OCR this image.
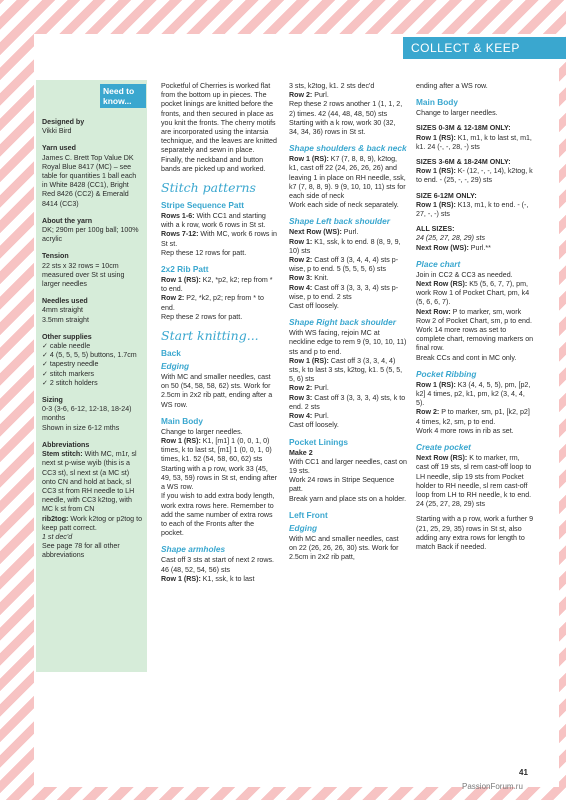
COLLECT & KEEP
Need to know...
Designed by
Vikki Bird
Yarn used
James C. Brett Top Value DK Royal Blue 8417 (MC) – see table for quantities 1 ball each in White 8428 (CC1), Bright Red 8426 (CC2) & Emerald 8414 (CC3)
About the yarn
DK; 290m per 100g ball; 100% acrylic
Tension
22 sts x 32 rows = 10cm measured over St st using larger needles
Needles used
4mm straight
3.5mm straight
Other supplies
✓ cable needle
✓ 4 (5, 5, 5, 5) buttons, 1.7cm
✓ tapestry needle
✓ stitch markers
✓ 2 stitch holders
Sizing
0-3 (3-6, 6-12, 12-18, 18-24) months
Shown in size 6-12 mths
Abbreviations
Stem stitch: With MC, m1r, sl next st p-wise wyib (this is a CC3 st), sl next st (a MC st) onto CN and hold at back, sl CC3 st from RH needle to LH needle, with CC3 k2tog, with MC k st from CN
rib2tog: Work k2tog or p2tog to keep patt correct.
1 st dec'd
See page 78 for all other abbreviations

Pocketful of Cherries is worked flat from the bottom up in pieces. The pocket linings are knitted before the fronts, and then secured in place as you knit the fronts. The cherry motifs are incorporated using the intarsia technique, and the leaves are knitted separately and sewn in place. Finally, the neckband and button bands are picked up and worked.

Stitch patterns
Stripe Sequence Patt

Rows 1-6: With CC1 and starting with a k row, work 6 rows in St st.

Rows 7-12: With MC, work 6 rows in St st.

Rep these 12 rows for patt.

2x2 Rib Patt

Row 1 (RS): K2, *p2, k2; rep from * to end.

Row 2: P2, *k2, p2; rep from * to end.

Rep these 2 rows for patt.

Start knitting...
Back
Edging

With MC and smaller needles, cast on 50 (54, 58, 58, 62) sts. Work for 2.5cm in 2x2 rib patt, ending after a WS row.

Main Body

Change to larger needles.

Row 1 (RS): K1, [m1] 1 (0, 0, 1, 0) times, k to last st, [m1] 1 (0, 0, 1, 0) times, k1. 52 (54, 58, 60, 62) sts

Starting with a p row, work 33 (45, 49, 53, 59) rows in St st, ending after a WS row.

If you wish to add extra body length, work extra rows here. Remember to add the same number of extra rows to each of the Fronts after the pocket.

Shape armholes

Cast off 3 sts at start of next 2 rows. 46 (48, 52, 54, 56) sts

Row 1 (RS): K1, ssk, k to last

3 sts, k2tog, k1. 2 sts dec'd

Row 2: Purl.

Rep these 2 rows another 1 (1, 1, 2, 2) times. 42 (44, 48, 48, 50) sts

Starting with a k row, work 30 (32, 34, 34, 36) rows in St st.

Shape shoulders & back neck

Row 1 (RS): K7 (7, 8, 8, 9), k2tog, k1, cast off 22 (24, 26, 26, 26) and leaving 1 in place on RH needle, ssk, k7 (7, 8, 8, 9). 9 (9, 10, 10, 11) sts for each side of neck

Work each side of neck separately.

Shape Left back shoulder

Next Row (WS): Purl.

Row 1: K1, ssk, k to end. 8 (8, 9, 9, 10) sts

Row 2: Cast off 3 (3, 4, 4, 4) sts p-wise, p to end. 5 (5, 5, 5, 6) sts

Row 3: Knit.

Row 4: Cast off 3 (3, 3, 3, 4) sts p-wise, p to end. 2 sts

Cast off loosely.

Shape Right back shoulder

With WS facing, rejoin MC at neckline edge to rem 9 (9, 10, 10, 11) sts and p to end.

Row 1 (RS): Cast off 3 (3, 3, 4, 4) sts, k to last 3 sts, k2tog, k1. 5 (5, 5, 5, 6) sts

Row 2: Purl.

Row 3: Cast off 3 (3, 3, 3, 4) sts, k to end. 2 sts

Row 4: Purl.

Cast off loosely.

Pocket Linings

Make 2

With CC1 and larger needles, cast on 19 sts.

Work 24 rows in Stripe Sequence patt.

Break yarn and place sts on a holder.

Left Front
Edging

With MC and smaller needles, cast on 22 (26, 26, 26, 30) sts. Work for 2.5cm in 2x2 rib patt,

ending after a WS row.

Main Body

Change to larger needles.

SIZES 0-3M & 12-18M ONLY:

Row 1 (RS): K1, m1, k to last st, m1, k1. 24 (-, -, 28, -) sts

SIZES 3-6M & 18-24M ONLY:

Row 1 (RS): K- (12, -, -, 14), k2tog, k to end. - (25, -, -, 29) sts

SIZE 6-12M ONLY:

Row 1 (RS): K13, m1, k to end. - (-, 27, -, -) sts

ALL SIZES:

24 (25, 27, 28, 29) sts

Next Row (WS): Purl.**

Place chart

Join in CC2 & CC3 as needed.

Next Row (RS): K5 (5, 6, 7, 7), pm, work Row 1 of Pocket Chart, pm, k4 (5, 6, 6, 7).

Next Row: P to marker, sm, work Row 2 of Pocket Chart, sm, p to end.

Work 14 more rows as set to complete chart, removing markers on final row.

Break CCs and cont in MC only.

Pocket Ribbing

Row 1 (RS): K3 (4, 4, 5, 5), pm, [p2, k2] 4 times, p2, k1, pm, k2 (3, 4, 4, 5).

Row 2: P to marker, sm, p1, [k2, p2] 4 times, k2, sm, p to end.

Work 4 more rows in rib as set.

Create pocket

Next Row (RS): K to marker, rm, cast off 19 sts, sl rem cast-off loop to LH needle, slip 19 sts from Pocket holder to RH needle, sl rem cast-off loop from LH to RH needle, k to end. 24 (25, 27, 28, 29) sts

Starting with a p row, work a further 9 (21, 25, 29, 35) rows in St st, also adding any extra rows for length to match Back if needed.

41
PassionForum.ru
